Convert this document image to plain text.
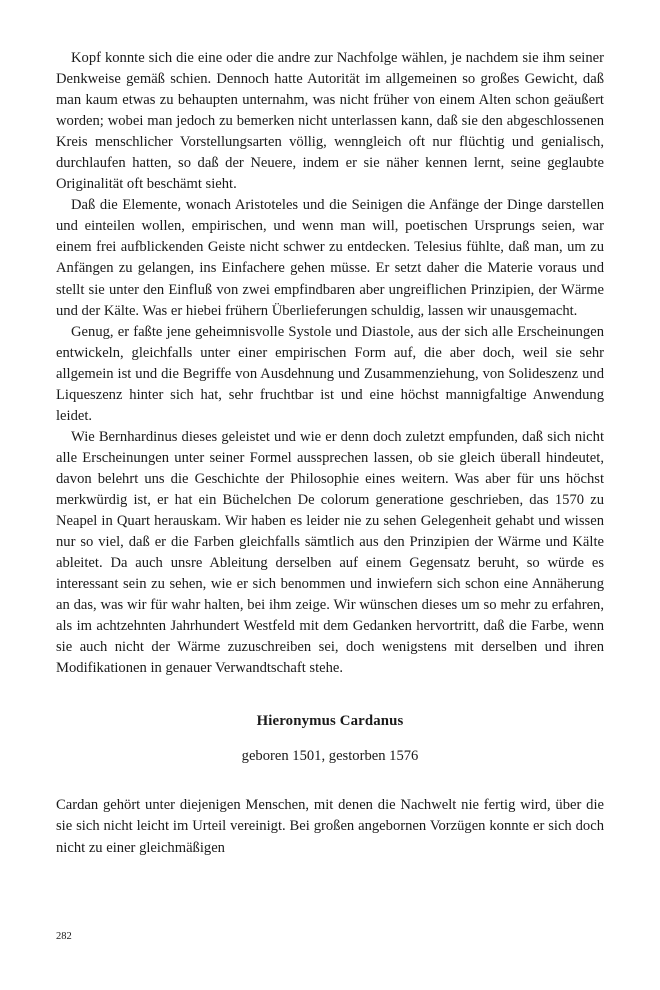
Kopf konnte sich die eine oder die andre zur Nachfolge wählen, je nachdem sie ihm seiner Denkweise gemäß schien. Dennoch hatte Autorität im allgemeinen so großes Gewicht, daß man kaum etwas zu behaupten unternahm, was nicht früher von einem Alten schon geäußert worden; wobei man jedoch zu bemerken nicht unterlassen kann, daß sie den abgeschlossenen Kreis menschlicher Vorstellungsarten völlig, wenngleich oft nur flüchtig und genialisch, durchlaufen hatten, so daß der Neuere, indem er sie näher kennen lernt, seine geglaubte Originalität oft beschämt sieht.

Daß die Elemente, wonach Aristoteles und die Seinigen die Anfänge der Dinge darstellen und einteilen wollen, empirischen, und wenn man will, poetischen Ursprungs seien, war einem frei aufblickenden Geiste nicht schwer zu entdecken. Telesius fühlte, daß man, um zu Anfängen zu gelangen, ins Einfachere gehen müsse. Er setzt daher die Materie voraus und stellt sie unter den Einfluß von zwei empfindbaren aber ungreiflichen Prinzipien, der Wärme und der Kälte. Was er hiebei frühern Überlieferungen schuldig, lassen wir unausgemacht.

Genug, er faßte jene geheimnisvolle Systole und Diastole, aus der sich alle Erscheinungen entwickeln, gleichfalls unter einer empirischen Form auf, die aber doch, weil sie sehr allgemein ist und die Begriffe von Ausdehnung und Zusammenziehung, von Solideszenz und Liqueszenz hinter sich hat, sehr fruchtbar ist und eine höchst mannigfaltige Anwendung leidet.

Wie Bernhardinus dieses geleistet und wie er denn doch zuletzt empfunden, daß sich nicht alle Erscheinungen unter seiner Formel aussprechen lassen, ob sie gleich überall hindeutet, davon belehrt uns die Geschichte der Philosophie eines weitern. Was aber für uns höchst merkwürdig ist, er hat ein Büchelchen De colorum generatione geschrieben, das 1570 zu Neapel in Quart herauskam. Wir haben es leider nie zu sehen Gelegenheit gehabt und wissen nur so viel, daß er die Farben gleichfalls sämtlich aus den Prinzipien der Wärme und Kälte ableitet. Da auch unsre Ableitung derselben auf einem Gegensatz beruht, so würde es interessant sein zu sehen, wie er sich benommen und inwiefern sich schon eine Annäherung an das, was wir für wahr halten, bei ihm zeige. Wir wünschen dieses um so mehr zu erfahren, als im achtzehnten Jahrhundert Westfeld mit dem Gedanken hervortritt, daß die Farbe, wenn sie auch nicht der Wärme zuzuschreiben sei, doch wenigstens mit derselben und ihren Modifikationen in genauer Verwandtschaft stehe.

Hieronymus Cardanus
geboren 1501, gestorben 1576

Cardan gehört unter diejenigen Menschen, mit denen die Nachwelt nie fertig wird, über die sie sich nicht leicht im Urteil vereinigt. Bei großen angebornen Vorzügen konnte er sich doch nicht zu einer gleichmäßigen

282
